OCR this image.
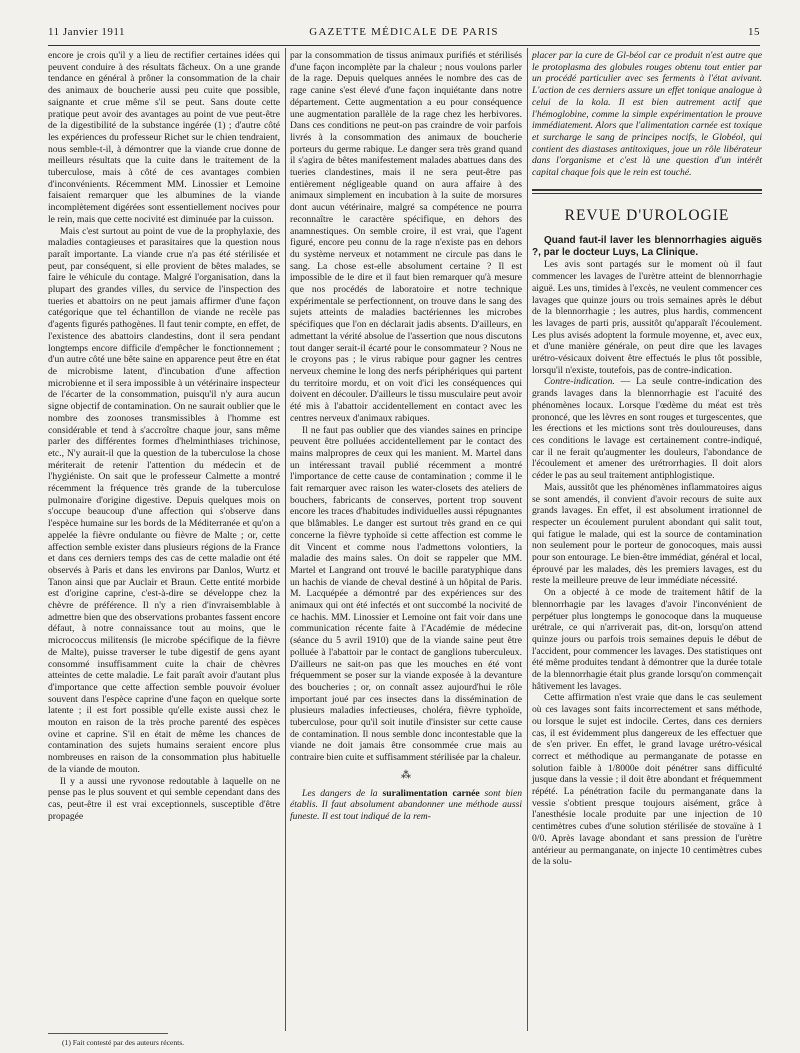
11 Janvier 1911	GAZETTE MÉDICALE DE PARIS	15

encore je crois qu'il y a lieu de rectifier certaines idées qui peuvent conduire à des résultats fâcheux. On a une grande tendance en général à prôner la consommation de la chair des animaux de boucherie aussi peu cuite que possible, saignante et crue même s'il se peut. Sans doute cette pratique peut avoir des avantages au point de vue peut-être de la digestibilité de la substance ingérée (1) ; d'autre côté les expériences du professeur Richet sur le chien tendraient, nous semble-t-il, à démontrer que la viande crue donne de meilleurs résultats que la cuite dans le traitement de la tuberculose, mais à côté de ces avantages combien d'inconvénients. Récemment MM. Linossier et Lemoine faisaient remarquer que les albumines de la viande incomplètement digérées sont essentiellement nocives pour le rein, mais que cette nocivité est diminuée par la cuisson.

Mais c'est surtout au point de vue de la prophylaxie, des maladies contagieuses et parasitaires que la question nous paraît importante. La viande crue n'a pas été stérilisée et peut, par conséquent, si elle provient de bêtes malades, se faire le véhicule du contage. Malgré l'organisation, dans la plupart des grandes villes, du service de l'inspection des tueries et abattoirs on ne peut jamais affirmer d'une façon catégorique que tel échantillon de viande ne recèle pas d'agents figurés pathogènes. Il faut tenir compte, en effet, de l'existence des abattoirs clandestins, dont il sera pendant longtemps encore difficile d'empêcher le fonctionnement ; d'un autre côté une bête saine en apparence peut être en état de microbisme latent, d'incubation d'une affection microbienne et il sera impossible à un vétérinaire inspecteur de l'écarter de la consommation, puisqu'il n'y aura aucun signe objectif de contamination. On ne saurait oublier que le nombre des zoonoses transmissibles à l'homme est considérable et tend à s'accroître chaque jour, sans même parler des différentes formes d'helminthiases trichinose, etc., N'y aurait-il que la question de la tuberculose la chose mériterait de retenir l'attention du médecin et de l'hygiéniste. On sait que le professeur Calmette a montré récemment la fréquence très grande de la tuberculose pulmonaire d'origine digestive. Depuis quelques mois on s'occupe beaucoup d'une affection qui s'observe dans l'espèce humaine sur les bords de la Méditerranée et qu'on a appelée la fièvre ondulante ou fièvre de Malte ; or, cette affection semble exister dans plusieurs régions de la France et dans ces derniers temps des cas de cette maladie ont été observés à Paris et dans les environs par Danlos, Wurtz et Tanon ainsi que par Auclair et Braun. Cette entité morbide est d'origine caprine, c'est-à-dire se développe chez la chèvre de préférence. Il n'y a rien d'invraisemblable à admettre bien que des observations probantes fassent encore défaut, à notre connaissance tout au moins, que le micrococcus militensis (le microbe spécifique de la fièvre de Malte), puisse traverser le tube digestif de gens ayant consommé insuffisamment cuite la chair de chèvres atteintes de cette maladie. Le fait paraît avoir d'autant plus d'importance que cette affection semble pouvoir évoluer souvent dans l'espèce caprine d'une façon en quelque sorte latente ; il est fort possible qu'elle existe aussi chez le mouton en raison de la très proche parenté des espèces ovine et caprine. S'il en était de même les chances de contamination des sujets humains seraient encore plus nombreuses en raison de la consommation plus habituelle de la viande de mouton.

Il y a aussi une ryvonose redoutable à laquelle on ne pense pas le plus souvent et qui semble cependant dans des cas, peut-être il est vrai exceptionnels, susceptible d'être propagée

(1) Fait contesté par des auteurs récents.

par la consommation de tissus animaux purifiés et stérilisés d'une façon incomplète par la chaleur ; nous voulons parler de la rage. Depuis quelques années le nombre des cas de rage canine s'est élevé d'une façon inquiétante dans notre département. Cette augmentation a eu pour conséquence une augmentation parallèle de la rage chez les herbivores. Dans ces conditions ne peut-on pas craindre de voir parfois livrés à la consommation des animaux de boucherie porteurs du germe rabique. Le danger sera très grand quand il s'agira de bêtes manifestement malades abattues dans des tueries clandestines, mais il ne sera peut-être pas entièrement négligeable quand on aura affaire à des animaux simplement en incubation à la suite de morsures dont aucun vétérinaire, malgré sa compétence ne pourra reconnaître le caractère spécifique, en dehors des anamnestiques. On semble croire, il est vrai, que l'agent figuré, encore peu connu de la rage n'existe pas en dehors du système nerveux et notamment ne circule pas dans le sang. La chose est-elle absolument certaine ? Il est impossible de le dire et il faut bien remarquer qu'à mesure que nos procédés de laboratoire et notre technique expérimentale se perfectionnent, on trouve dans le sang des sujets atteints de maladies bactériennes les microbes spécifiques que l'on en déclarait jadis absents. D'ailleurs, en admettant la vérité absolue de l'assertion que nous discutons tout danger serait-il écarté pour le consommateur ? Nous ne le croyons pas ; le virus rabique pour gagner les centres nerveux chemine le long des nerfs périphériques qui partent du territoire mordu, et on voit d'ici les conséquences qui doivent en découler. D'ailleurs le tissu musculaire peut avoir été mis à l'abattoir accidentellement en contact avec les centres nerveux d'animaux rabiques.

Il ne faut pas oublier que des viandes saines en principe peuvent être polluées accidentellement par le contact des mains malpropres de ceux qui les manient. M. Martel dans un intéressant travail publié récemment a montré l'importance de cette cause de contamination ; comme il le fait remarquer avec raison les water-closets des ateliers de bouchers, fabricants de conserves, portent trop souvent encore les traces d'habitudes individuelles aussi répugnantes que blâmables. Le danger est surtout très grand en ce qui concerne la fièvre typhoïde si cette affection est comme le dit Vincent et comme nous l'admettons volontiers, la maladie des mains sales. On doit se rappeler que MM. Martel et Langrand ont trouvé le bacille paratyphique dans un hachis de viande de cheval destiné à un hôpital de Paris. M. Lacquépée a démontré par des expériences sur des animaux qui ont été infectés et ont succombé la nocivité de ce hachis. MM. Linossier et Lemoine ont fait voir dans une communication récente faite à l'Académie de médecine (séance du 5 avril 1910) que de la viande saine peut être polluée à l'abattoir par le contact de ganglions tuberculeux. D'ailleurs ne sait-on pas que les mouches en été vont fréquemment se poser sur la viande exposée à la devanture des boucheries ; or, on connaît assez aujourd'hui le rôle important joué par ces insectes dans la dissémination de plusieurs maladies infectieuses, choléra, fièvre typhoïde, tuberculose, pour qu'il soit inutile d'insister sur cette cause de contamination. Il nous semble donc incontestable que la viande ne doit jamais être consommée crue mais au contraire bien cuite et suffisamment stérilisée par la chaleur.

⁂

Les dangers de la suralimentation carnée sont bien établis. Il faut absolument abandonner une méthode aussi funeste. Il est tout indiqué de la rem-

placer par la cure de Gl-béol car ce produit n'est autre que le protoplasma des globules rouges obtenu tout entier par un procédé particulier avec ses ferments à l'état avivant. L'action de ces derniers assure un effet tonique analogue à celui de la kola. Il est bien autrement actif que l'hémoglobine, comme la simple expérimentation le prouve immédiatement. Alors que l'alimentation carnée est toxique et surcharge le sang de principes nocifs, le Globéol, qui contient des diastases antitoxiques, joue un rôle libérateur dans l'organisme et c'est là une question d'un intérêt capital chaque fois que le rein est touché.

REVUE D'UROLOGIE
Quand faut-il laver les blennorrhagies aiguës ?, par le docteur Luys, La Clinique.

Les avis sont partagés sur le moment où il faut commencer les lavages de l'urètre atteint de blennorrhagie aiguë. Les uns, timides à l'excès, ne veulent commencer ces lavages que quinze jours ou trois semaines après le début de la blennorrhagie ; les autres, plus hardis, commencent les lavages de parti pris, aussitôt qu'apparaît l'écoulement. Les plus avisés adoptent la formule moyenne, et, avec eux, et d'une manière générale, on peut dire que les lavages urétro-vésicaux doivent être effectués le plus tôt possible, lorsqu'il n'existe, toutefois, pas de contre-indication.

Contre-indication. — La seule contre-indication des grands lavages dans la blennorrhagie est l'acuité des phénomènes locaux. Lorsque l'œdème du méat est très prononcé, que les lèvres en sont rouges et turgescentes, que les érections et les mictions sont très douloureuses, dans ces conditions le lavage est certainement contre-indiqué, car il ne ferait qu'augmenter les douleurs, l'abondance de l'écoulement et amener des urétrorrhagies. Il doit alors céder le pas au seul traitement antiphlogistique.

Mais, aussitôt que les phénomènes inflammatoires aigus se sont amendés, il convient d'avoir recours de suite aux grands lavages. En effet, il est absolument irrationnel de respecter un écoulement purulent abondant qui salit tout, qui fatigue le malade, qui est la source de contamination non seulement pour le porteur de gonocoques, mais aussi pour son entourage. Le bien-être immédiat, général et local, éprouvé par les malades, dès les premiers lavages, est du reste la meilleure preuve de leur immédiate nécessité.

On a objecté à ce mode de traitement hâtif de la blennorrhagie par les lavages d'avoir l'inconvénient de perpétuer plus longtemps le gonocoque dans la muqueuse urétrale, ce qui n'arriverait pas, dit-on, lorsqu'on attend quinze jours ou parfois trois semaines depuis le début de l'accident, pour commencer les lavages. Des statistiques ont été même produites tendant à démontrer que la durée totale de la blennorrhagie était plus grande lorsqu'on commençait hâtivement les lavages.

Cette affirmation n'est vraie que dans le cas seulement où ces lavages sont faits incorrectement et sans méthode, ou lorsque le sujet est indocile. Certes, dans ces derniers cas, il est évidemment plus dangereux de les effectuer que de s'en priver. En effet, le grand lavage urétro-vésical correct et méthodique au permanganate de potasse en solution faible à 1/8000e doit pénétrer sans difficulté jusque dans la vessie ; il doit être abondant et fréquemment répété. La pénétration facile du permanganate dans la vessie s'obtient presque toujours aisément, grâce à l'anesthésie locale produite par une injection de 10 centimètres cubes d'une solution stérilisée de stovaïne à 1 0/0. Après lavage abondant et sans pression de l'urètre antérieur au permanganate, on injecte 10 centimètres cubes de la solu-
